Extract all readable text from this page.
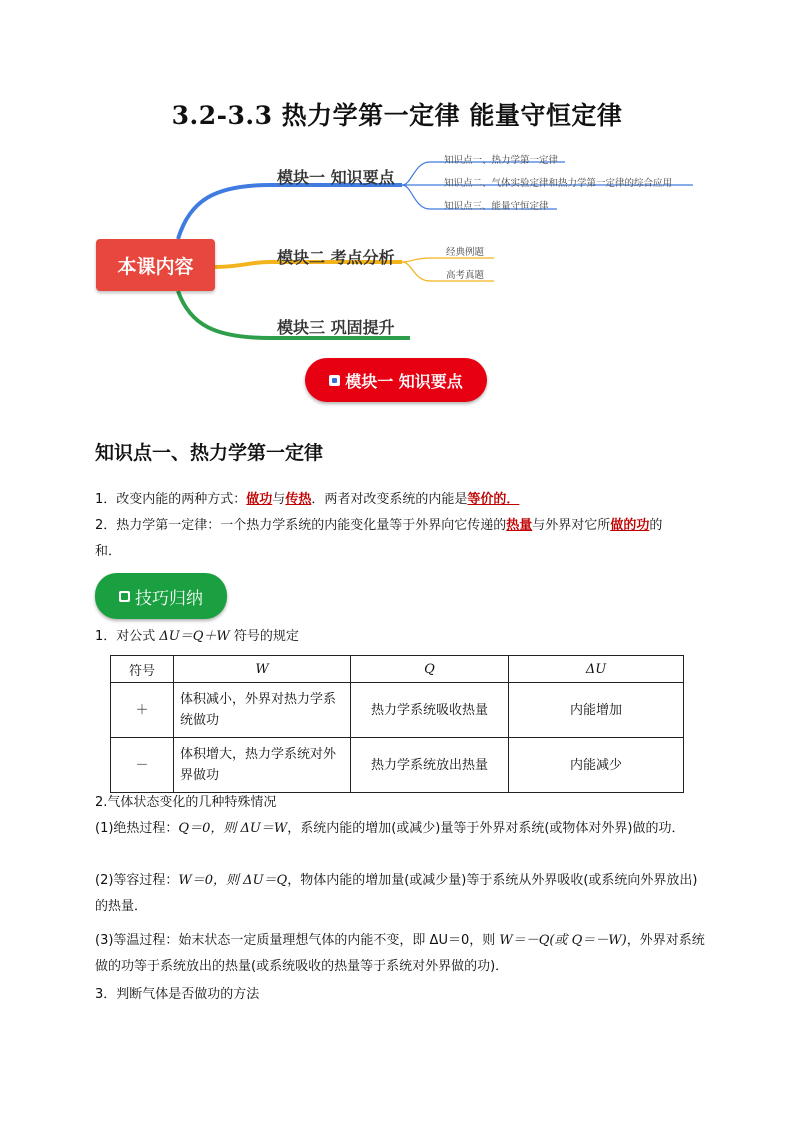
3.2-3.3 热力学第一定律 能量守恒定律
本课内容
模块一 知识要点
知识点一、热力学第一定律
知识点二、气体实验定律和热力学第一定律的综合应用
知识点三、能量守恒定律
模块二 考点分析	经典例题
高考真题
模块三 巩固提升
模块一 知识要点
知识点一、热力学第一定律
1．改变内能的两种方式：做功与传热．两者对改变系统的内能是等价的．
2．热力学第一定律：一个热力学系统的内能变化量等于外界向它传递的热量与外界对它所做的功的
和．
技巧归纳
1．对公式 ΔU＝Q＋W 符号的规定
符号	W	Q	ΔU
＋	体积减小，外界对热力学系统做功	热力学系统吸收热量	内能增加
－	体积增大，热力学系统对外界做功	热力学系统放出热量	内能减少
2.气体状态变化的几种特殊情况
(1)绝热过程：Q＝0，则 ΔU＝W，系统内能的增加(或减少)量等于外界对系统(或物体对外界)做的功．
(2)等容过程：W＝0，则 ΔU＝Q，物体内能的增加量(或减少量)等于系统从外界吸收(或系统向外界放出)的热量．
(3)等温过程：始末状态一定质量理想气体的内能不变，即 ΔU＝0，则 W＝－Q(或 Q＝－W)，外界对系统做的功等于系统放出的热量(或系统吸收的热量等于系统对外界做的功)．
3．判断气体是否做功的方法
